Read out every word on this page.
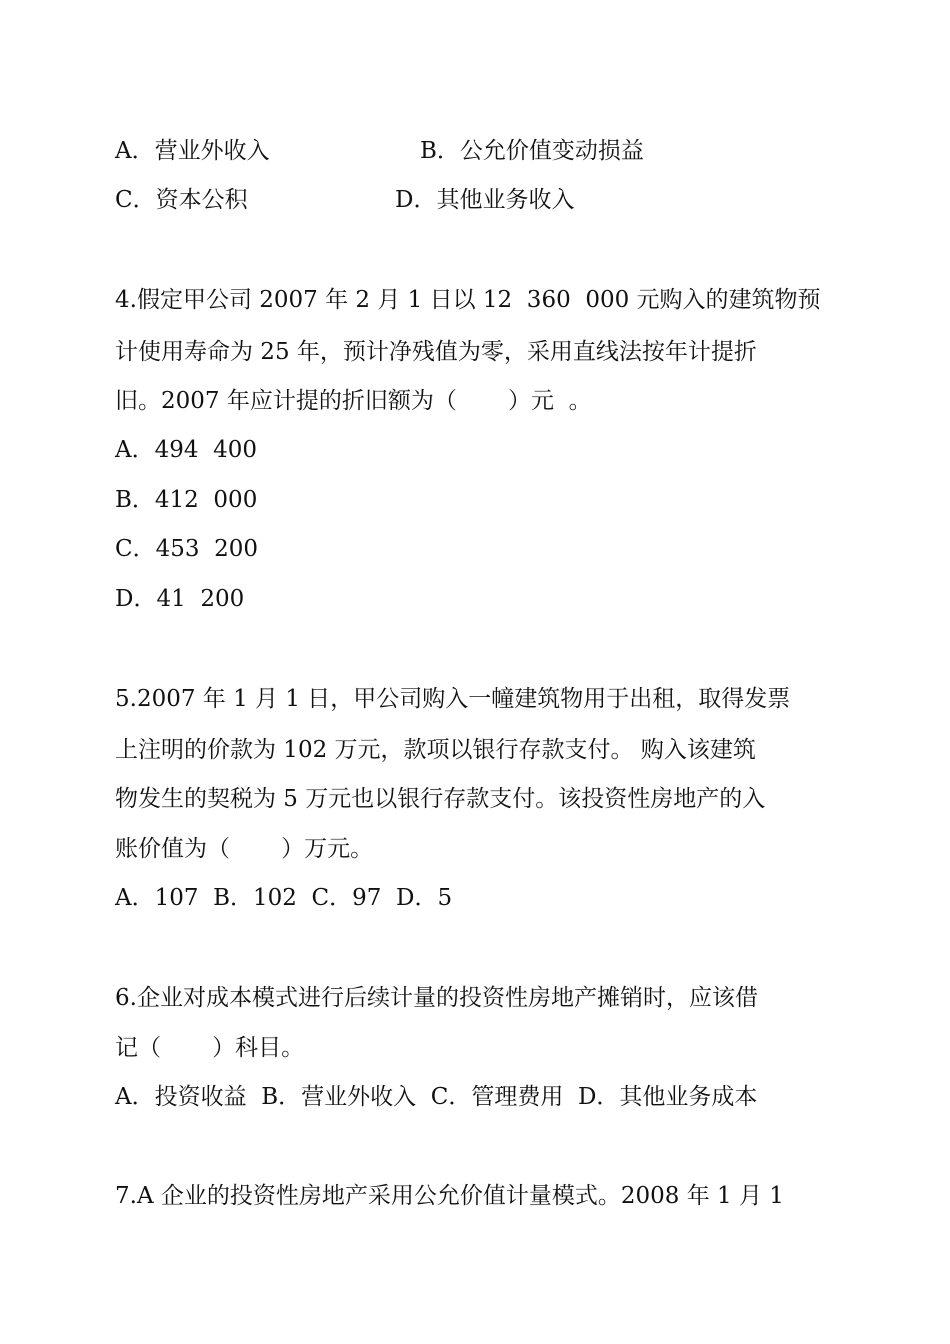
A．营业外收入	B．公允价值变动损益
C．资本公积	D．其他业务收入
4.假定甲公司 2007 年 2 月 1 日以 12  360  000 元购入的建筑物预
计使用寿命为 25 年，预计净残值为零，采用直线法按年计提折
旧。2007 年应计提的折旧额为（       ）元  。
A．494  400
B．412  000
C．453  200
D．41  200
5.2007 年 1 月 1 日，甲公司购入一幢建筑物用于出租，取得发票
上注明的价款为 102 万元，款项以银行存款支付。 购入该建筑
物发生的契税为 5 万元也以银行存款支付。该投资性房地产的入
账价值为（       ）万元。
A．107  B．102  C．97  D．5
6.企业对成本模式进行后续计量的投资性房地产摊销时，应该借
记（       ）科目。
A．投资收益  B．营业外收入  C．管理费用  D．其他业务成本
7.A 企业的投资性房地产采用公允价值计量模式。2008 年 1 月 1
